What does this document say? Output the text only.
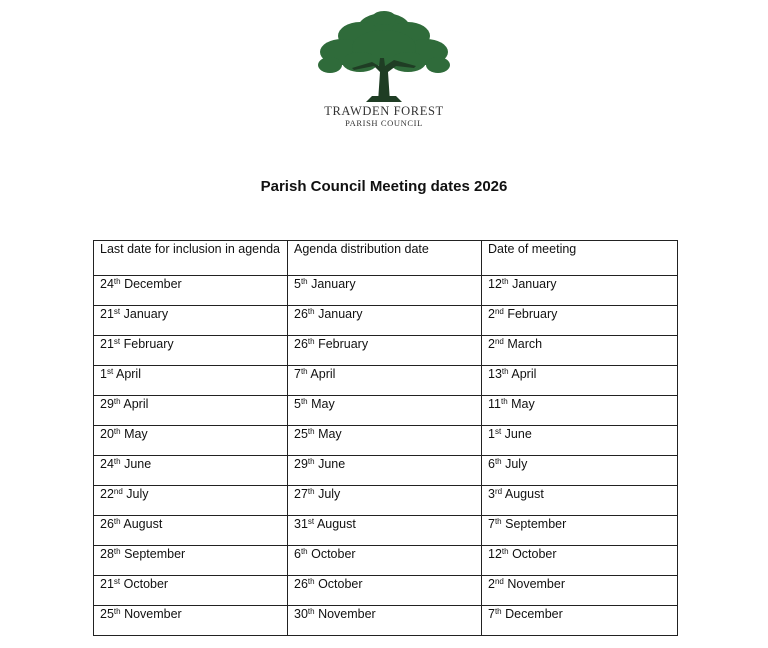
TRAWDEN FOREST
PARISH COUNCIL
Parish Council Meeting dates 2026
Last date for inclusion in agenda	Agenda distribution date	Date of meeting
24th December	5th January	12th January
21st January	26th January	2nd February
21st February	26th February	2nd March
1st April	7th April	13th April
29th April	5th May	11th May
20th May	25th May	1st June
24th June	29th June	6th July
22nd July	27th July	3rd August
26th August	31st August	7th September
28th September	6th October	12th October
21st October	26th October	2nd November
25th November	30th November	7th December
